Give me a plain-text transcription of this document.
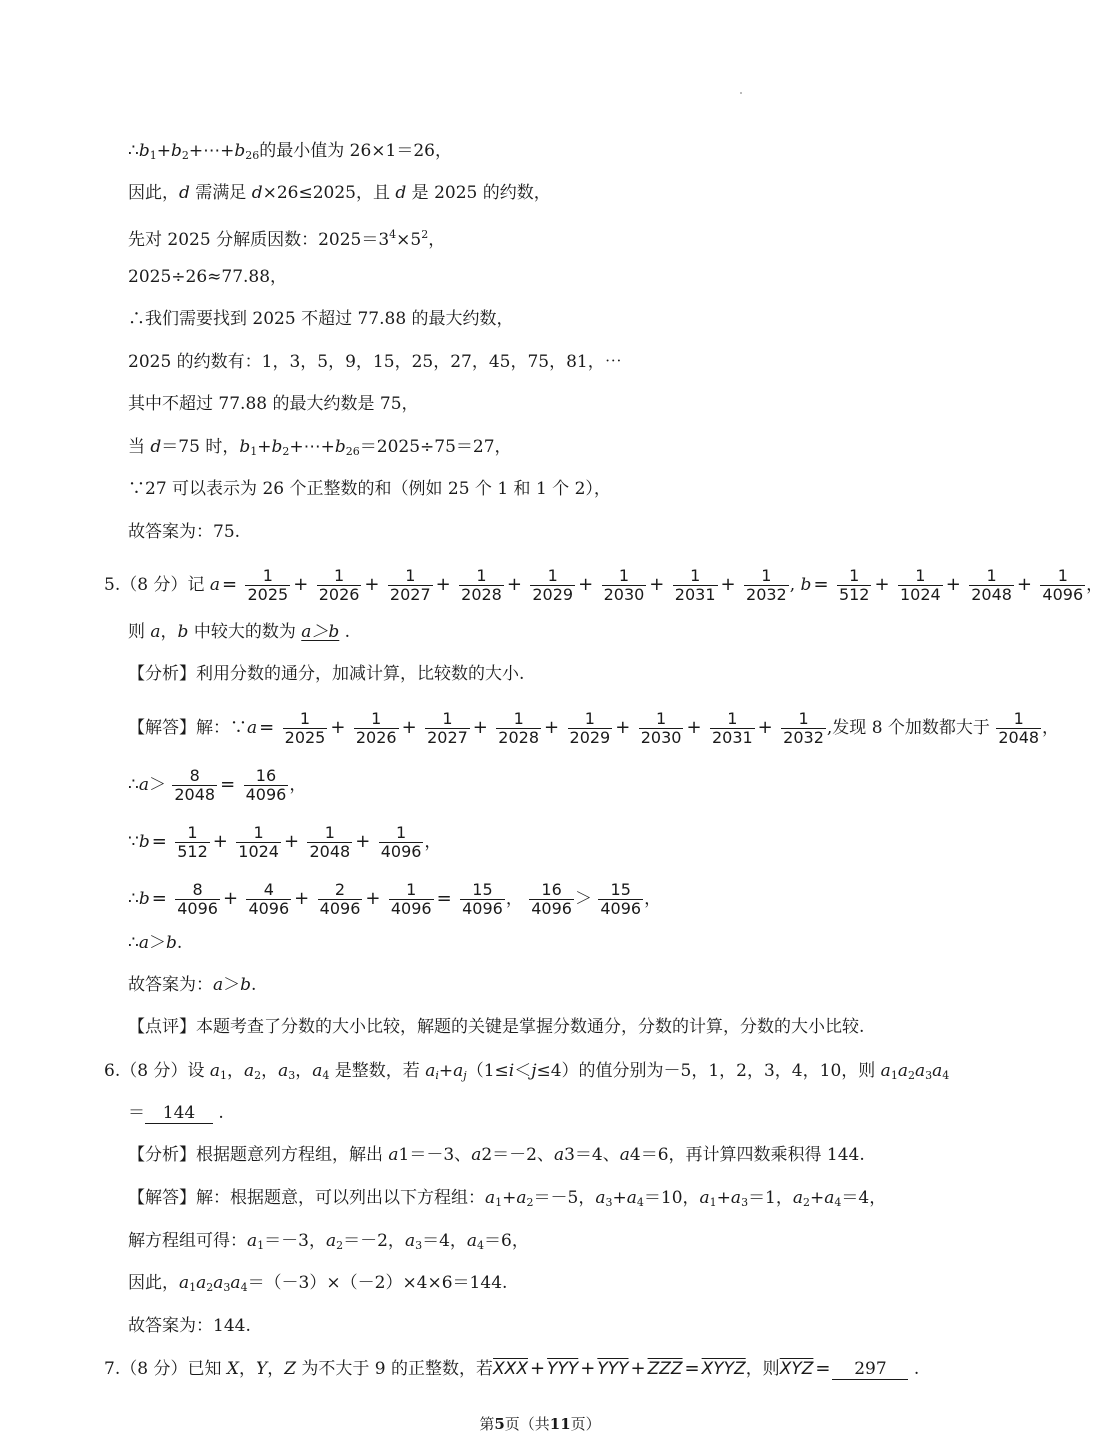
$\therefore b_1+b_2+\cdots+b_{26}$的最小值为 26×1＝26，
因此，d 需满足 d×26≤2025，且 d 是 2025 的约数，
先对 2025 分解质因数：$2025=3^4\times 5^2$，
2025÷26≈77.88，
∴我们需要找到 2025 不超过 77.88 的最大约数，
2025 的约数有：1，3，5，9，15，25，27，45，75，81，⋯
其中不超过 77.88 的最大约数是 75，
当 d＝75 时，$b_1+b_2+\cdots+b_{26}=2025\div 75=27$，
∵27 可以表示为 26 个正整数的和（例如 25 个 1 和 1 个 2），
故答案为：75.
5.（8 分）记 $a = \frac{1}{2025} + \frac{1}{2026} + \frac{1}{2027} + \frac{1}{2028} + \frac{1}{2029} + \frac{1}{2030} + \frac{1}{2031} + \frac{1}{2032}$ , $b = \frac{1}{512} + \frac{1}{1024} + \frac{1}{2048} + \frac{1}{4096}$ ，
则 a，b 中较大的数为 a＞b .
【分析】利用分数的通分，加减计算，比较数的大小.
【解答】解：∵a = $\frac{1}{2025} + \frac{1}{2026} + \frac{1}{2027} + \frac{1}{2028} + \frac{1}{2029} + \frac{1}{2030} + \frac{1}{2031} + \frac{1}{2032}$ ,发现 8 个加数都大于 $\frac{1}{2048}$ ，
∴a＞ $\frac{8}{2048} = \frac{16}{4096}$ ，
∵b = $\frac{1}{512} + \frac{1}{1024} + \frac{1}{2048} + \frac{1}{4096}$ ，
∴b = $\frac{8}{4096} + \frac{4}{4096} + \frac{2}{4096} + \frac{1}{4096} = \frac{15}{4096}$ ， $\frac{16}{4096} > \frac{15}{4096}$ ，
∴a＞b.
故答案为：a＞b.
【点评】本题考查了分数的大小比较，解题的关键是掌握分数通分，分数的计算，分数的大小比较.
6.（8 分）设 $a_1$，$a_2$，$a_3$，$a_4$ 是整数，若 $a_i+a_j(1\le i<j\le 4)$的值分别为－5，1，2，3，4，10，则 $a_1a_2a_3a_4$
＝ 144 .
【分析】根据题意列方程组，解出 a1＝－3、a2＝－2、a3＝4、a4＝6，再计算四数乘积得 144.
【解答】解：根据题意，可以列出以下方程组：$a_1+a_2=-5$，$a_3+a_4=10$，$a_1+a_3=1$，$a_2+a_4=4$，
解方程组可得：$a_1=-3$，$a_2=-2$，$a_3=4$，$a_4=6$，
因此，$a_1a_2a_3a_4=(-3)\times(-2)\times 4\times 6=144$.
故答案为：144.
7.（8 分）已知 X，Y，Z 为不大于 9 的正整数，若$\overline{XXX} + \overline{YYY} + \overline{YYY} + \overline{ZZZ}$ = XYYZ，则$\overline{XYZ} = 297$ .
第5页（共11页）
